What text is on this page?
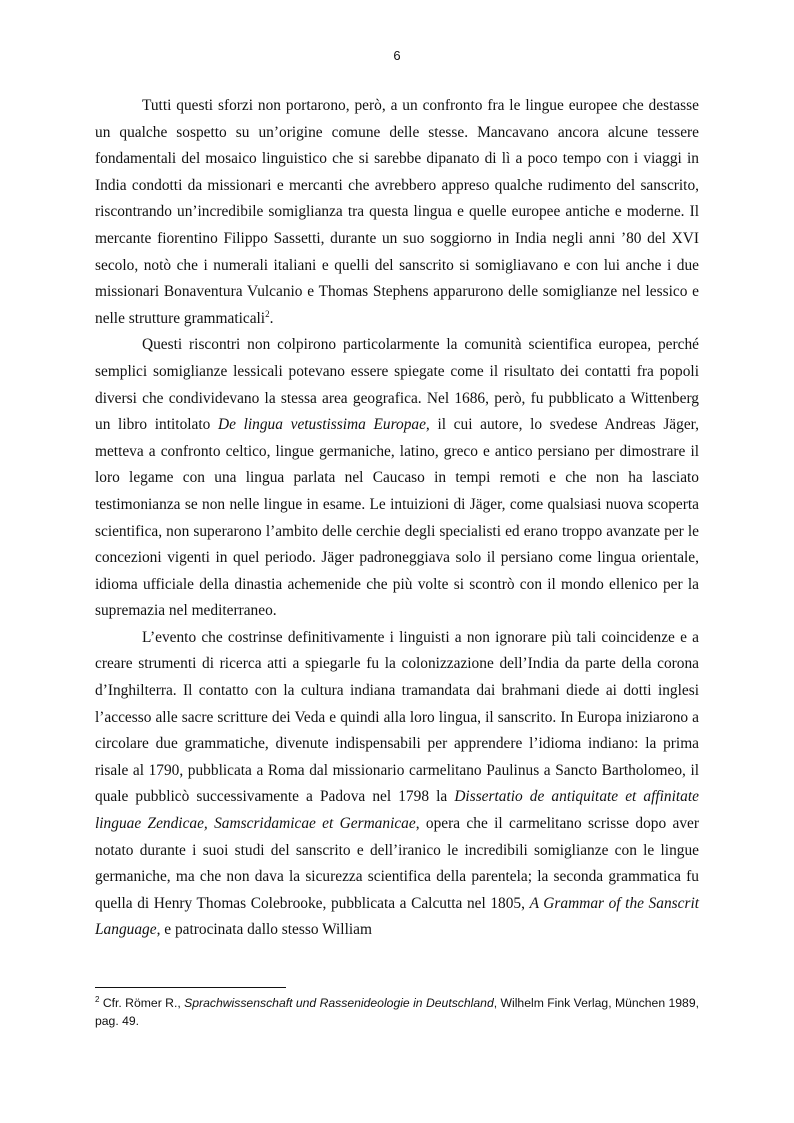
6

Tutti questi sforzi non portarono, però, a un confronto fra le lingue europee che destasse un qualche sospetto su un’origine comune delle stesse. Mancavano ancora alcune tessere fondamentali del mosaico linguistico che si sarebbe dipanato di lì a poco tempo con i viaggi in India condotti da missionari e mercanti che avrebbero appreso qualche rudimento del sanscrito, riscontrando un’incredibile somiglianza tra questa lingua e quelle europee antiche e moderne. Il mercante fiorentino Filippo Sassetti, durante un suo soggiorno in India negli anni ’80 del XVI secolo, notò che i numerali italiani e quelli del sanscrito si somigliavano e con lui anche i due missionari Bonaventura Vulcanio e Thomas Stephens apparurono delle somiglianze nel lessico e nelle strutture grammaticali$^2$.

Questi riscontri non colpirono particolarmente la comunità scientifica europea, perché semplici somiglianze lessicali potevano essere spiegate come il risultato dei contatti fra popoli diversi che condividevano la stessa area geografica. Nel 1686, però, fu pubblicato a Wittenberg un libro intitolato De lingua vetustissima Europae, il cui autore, lo svedese Andreas Jäger, metteva a confronto celtico, lingue germaniche, latino, greco e antico persiano per dimostrare il loro legame con una lingua parlata nel Caucaso in tempi remoti e che non ha lasciato testimonianza se non nelle lingue in esame. Le intuizioni di Jäger, come qualsiasi nuova scoperta scientifica, non superarono l’ambito delle cerchie degli specialisti ed erano troppo avanzate per le concezioni vigenti in quel periodo. Jäger padroneggiava solo il persiano come lingua orientale, idioma ufficiale della dinastia achemenide che più volte si scontrò con il mondo ellenico per la supremazia nel mediterraneo.

L’evento che costrinse definitivamente i linguisti a non ignorare più tali coincidenze e a creare strumenti di ricerca atti a spiegarle fu la colonizzazione dell’India da parte della corona d’Inghilterra. Il contatto con la cultura indiana tramandata dai brahmani diede ai dotti inglesi l’accesso alle sacre scritture dei Veda e quindi alla loro lingua, il sanscrito. In Europa iniziarono a circolare due grammatiche, divenute indispensabili per apprendere l’idioma indiano: la prima risale al 1790, pubblicata a Roma dal missionario carmelitano Paulinus a Sancto Bartholomeo, il quale pubblicò successivamente a Padova nel 1798 la Dissertatio de antiquitate et affinitate linguae Zendicae, Samscridamicae et Germanicae, opera che il carmelitano scrisse dopo aver notato durante i suoi studi del sanscrito e dell’iranico le incredibili somiglianze con le lingue germaniche, ma che non dava la sicurezza scientifica della parentela; la seconda grammatica fu quella di Henry Thomas Colebrooke, pubblicata a Calcutta nel 1805, A Grammar of the Sanscrit Language, e patrocinata dallo stesso William

$^2$ Cfr. Römer R., Sprachwissenschaft und Rassenideologie in Deutschland, Wilhelm Fink Verlag, München 1989, pag. 49.
